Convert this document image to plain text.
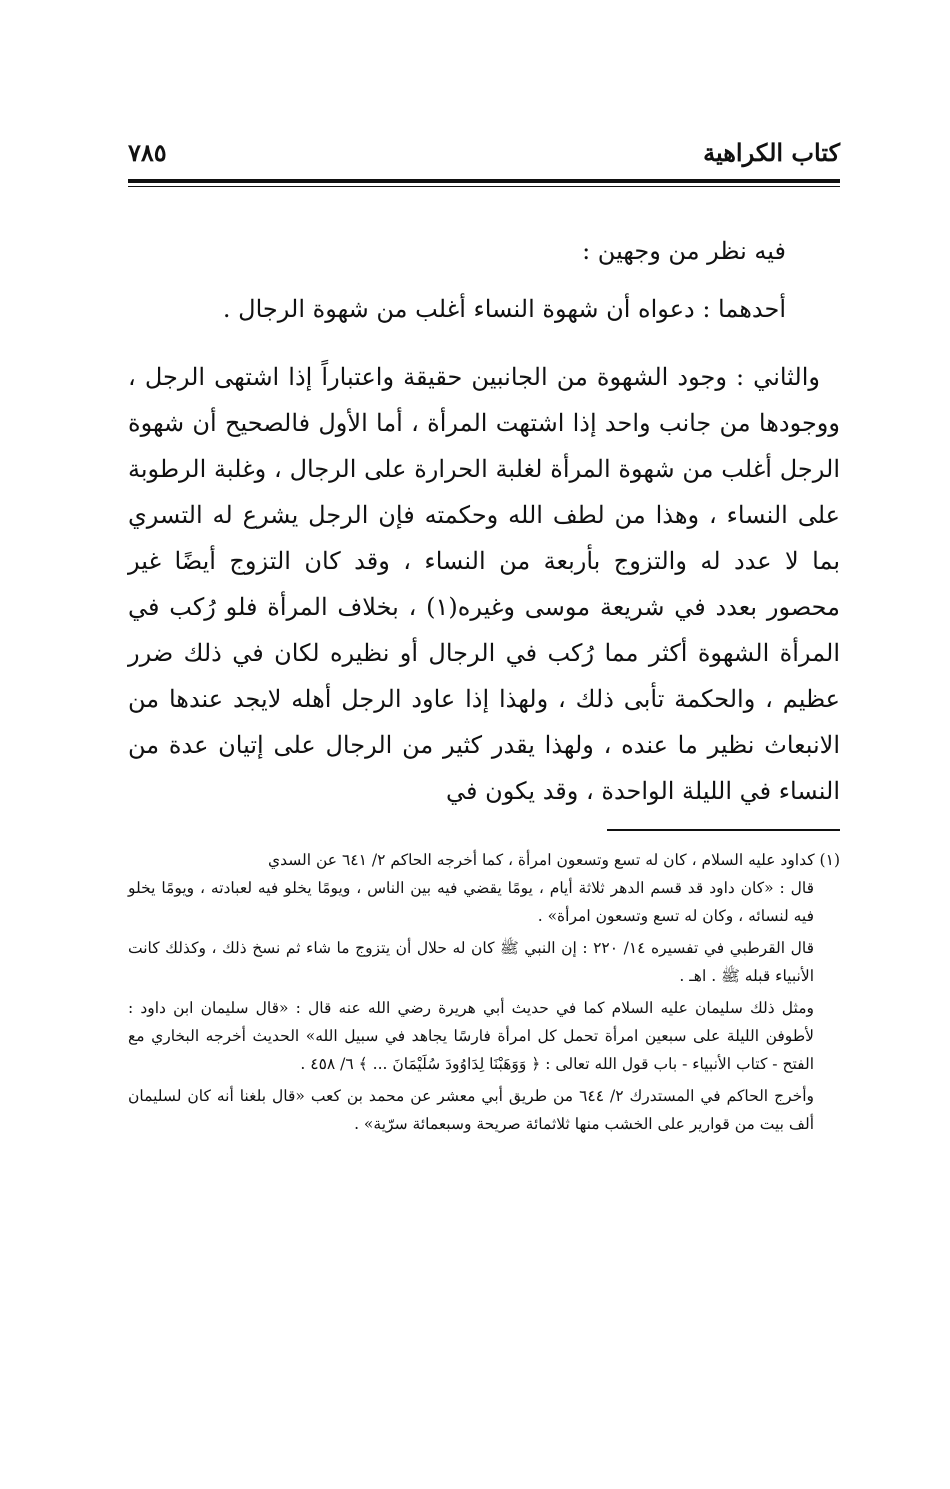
كتاب الكراهية
٧٨٥

فيه نظر من وجهين :

أحدهما : دعواه أن شهوة النساء أغلب من شهوة الرجال .

والثاني : وجود الشهوة من الجانبين حقيقة واعتباراً إذا اشتهى الرجل ، ووجودها من جانب واحد إذا اشتهت المرأة ، أما الأول فالصحيح أن شهوة الرجل أغلب من شهوة المرأة لغلبة الحرارة على الرجال ، وغلبة الرطوبة على النساء ، وهذا من لطف الله وحكمته فإن الرجل يشرع له التسري بما لا عدد له والتزوج بأربعة من النساء ، وقد كان التزوج أيضًا غير محصور بعدد في شريعة موسى وغيره(١) ، بخلاف المرأة فلو رُكب في المرأة الشهوة أكثر مما رُكب في الرجال أو نظيره لكان في ذلك ضرر عظيم ، والحكمة تأبى ذلك ، ولهذا إذا عاود الرجل أهله لايجد عندها من الانبعاث نظير ما عنده ، ولهذا يقدر كثير من الرجال على إتيان عدة من النساء في الليلة الواحدة ، وقد يكون في

(١) كداود عليه السلام ، كان له تسع وتسعون امرأة ، كما أخرجه الحاكم ٢/ ٦٤١ عن السدي

قال : «كان داود قد قسم الدهر ثلاثة أيام ، يومًا يقضي فيه بين الناس ، ويومًا يخلو فيه لعبادته ، ويومًا يخلو فيه لنسائه ، وكان له تسع وتسعون امرأة» .

قال القرطبي في تفسيره ١٤/ ٢٢٠ : إن النبي ﷺ كان له حلال أن يتزوج ما شاء ثم نسخ ذلك ، وكذلك كانت الأنبياء قبله ﷺ . اهـ .

ومثل ذلك سليمان عليه السلام كما في حديث أبي هريرة رضي الله عنه قال : «قال سليمان ابن داود : لأطوفن الليلة على سبعين امرأة تحمل كل امرأة فارسًا يجاهد في سبيل الله» الحديث أخرجه البخاري مع الفتح - كتاب الأنبياء - باب قول الله تعالى : ﴿ وَوَهَبْنَا لِدَاوُودَ سُلَيْمَانَ ... ﴾ ٦/ ٤٥٨ .

وأخرج الحاكم في المستدرك ٢/ ٦٤٤ من طريق أبي معشر عن محمد بن كعب «قال بلغنا أنه كان لسليمان ألف بيت من قوارير على الخشب منها ثلاثمائة صريحة وسبعمائة سرّية» .
